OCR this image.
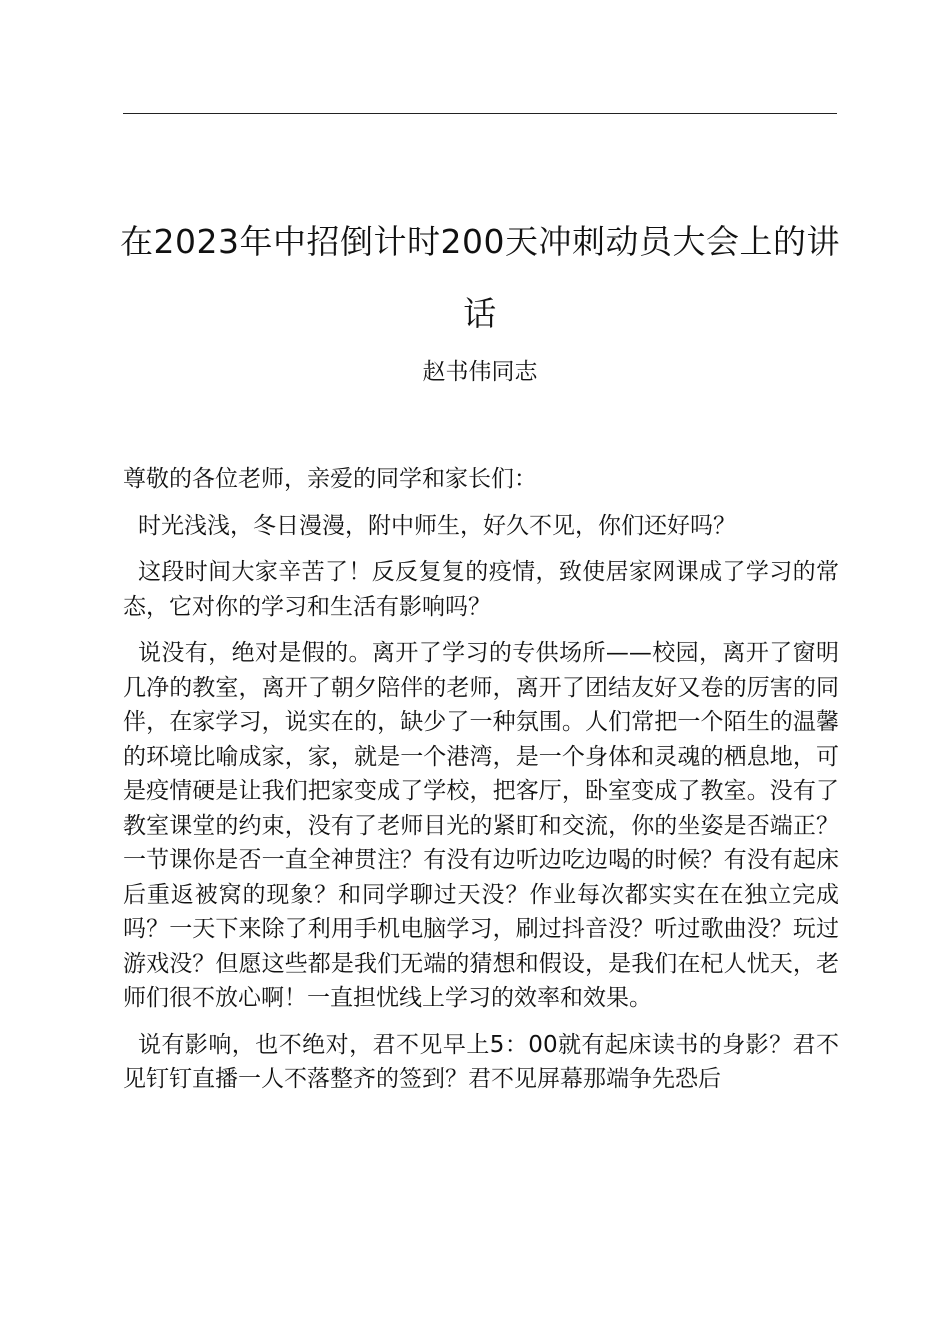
在2023年中招倒计时200天冲刺动员大会上的讲话
赵书伟同志

尊敬的各位老师，亲爱的同学和家长们：

时光浅浅，冬日漫漫，附中师生，好久不见，你们还好吗？

这段时间大家辛苦了！反反复复的疫情，致使居家网课成了学习的常态，它对你的学习和生活有影响吗？

说没有，绝对是假的。离开了学习的专供场所——校园，离开了窗明几净的教室，离开了朝夕陪伴的老师，离开了团结友好又卷的厉害的同伴，在家学习，说实在的，缺少了一种氛围。人们常把一个陌生的温馨的环境比喻成家，家，就是一个港湾，是一个身体和灵魂的栖息地，可是疫情硬是让我们把家变成了学校，把客厅，卧室变成了教室。没有了教室课堂的约束，没有了老师目光的紧盯和交流，你的坐姿是否端正？一节课你是否一直全神贯注？有没有边听边吃边喝的时候？有没有起床后重返被窝的现象？和同学聊过天没？作业每次都实实在在独立完成吗？一天下来除了利用手机电脑学习，刷过抖音没？听过歌曲没？玩过游戏没？但愿这些都是我们无端的猜想和假设，是我们在杞人忧天，老师们很不放心啊！一直担忧线上学习的效率和效果。

说有影响，也不绝对，君不见早上5：00就有起床读书的身影？君不见钉钉直播一人不落整齐的签到？君不见屏幕那端争先恐后
